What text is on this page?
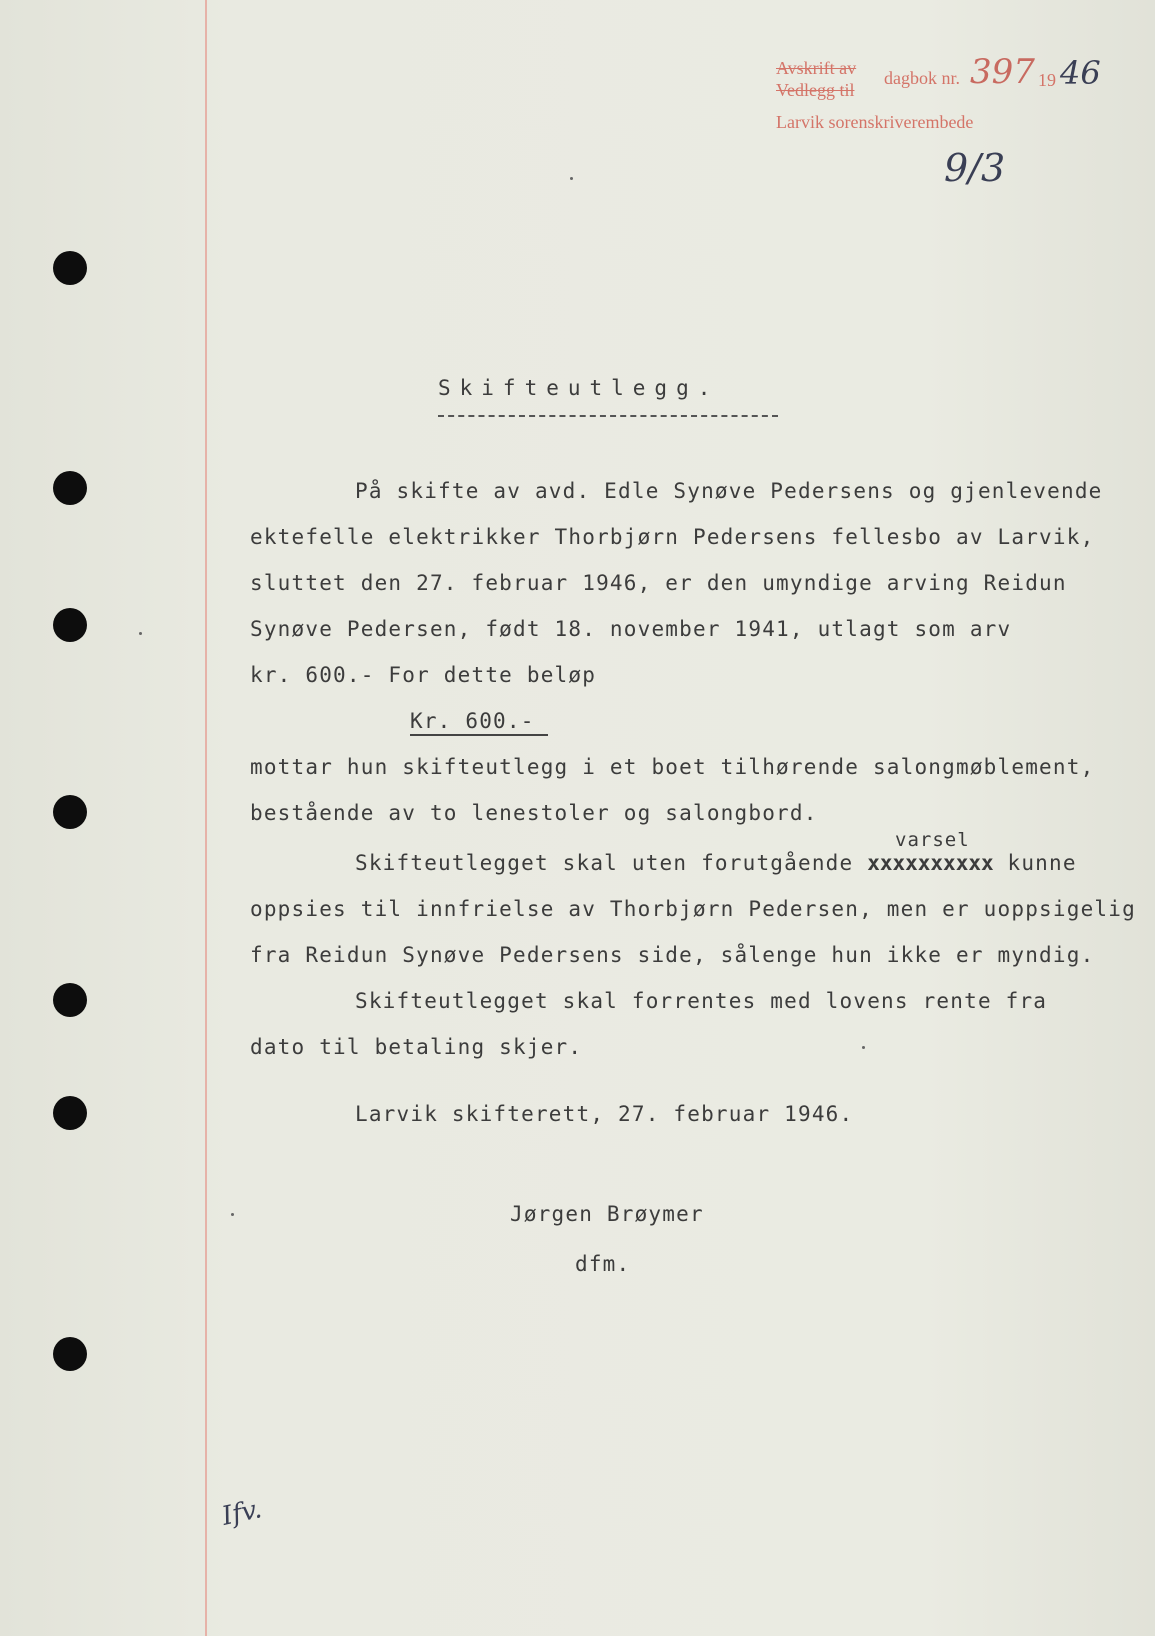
Avskrift av
Vedlegg til
dagbok nr. 397 19 46
Larvik sorenskriverembede
9/3
Skifteutlegg.
På skifte av avd. Edle Synøve Pedersens og gjenlevende
ektefelle elektrikker Thorbjørn Pedersens fellesbo av Larvik,
sluttet den 27. februar 1946, er den umyndige arving Reidun
Synøve Pedersen, født 18. november 1941, utlagt som arv
kr. 600.- For dette beløp
Kr. 600.-
mottar hun skifteutlegg i et boet tilhørende salongmøblement,
bestående av to lenestoler og salongbord.
varsel
Skifteutlegget skal uten forutgående xxxxxxxxxx kunne
oppsies til innfrielse av Thorbjørn Pedersen, men er uoppsigelig
fra Reidun Synøve Pedersens side, sålenge hun ikke er myndig.
Skifteutlegget skal forrentes med lovens rente fra
dato til betaling skjer.
Larvik skifterett, 27. februar 1946.
Jørgen Brøymer
dfm.
Ifv.
